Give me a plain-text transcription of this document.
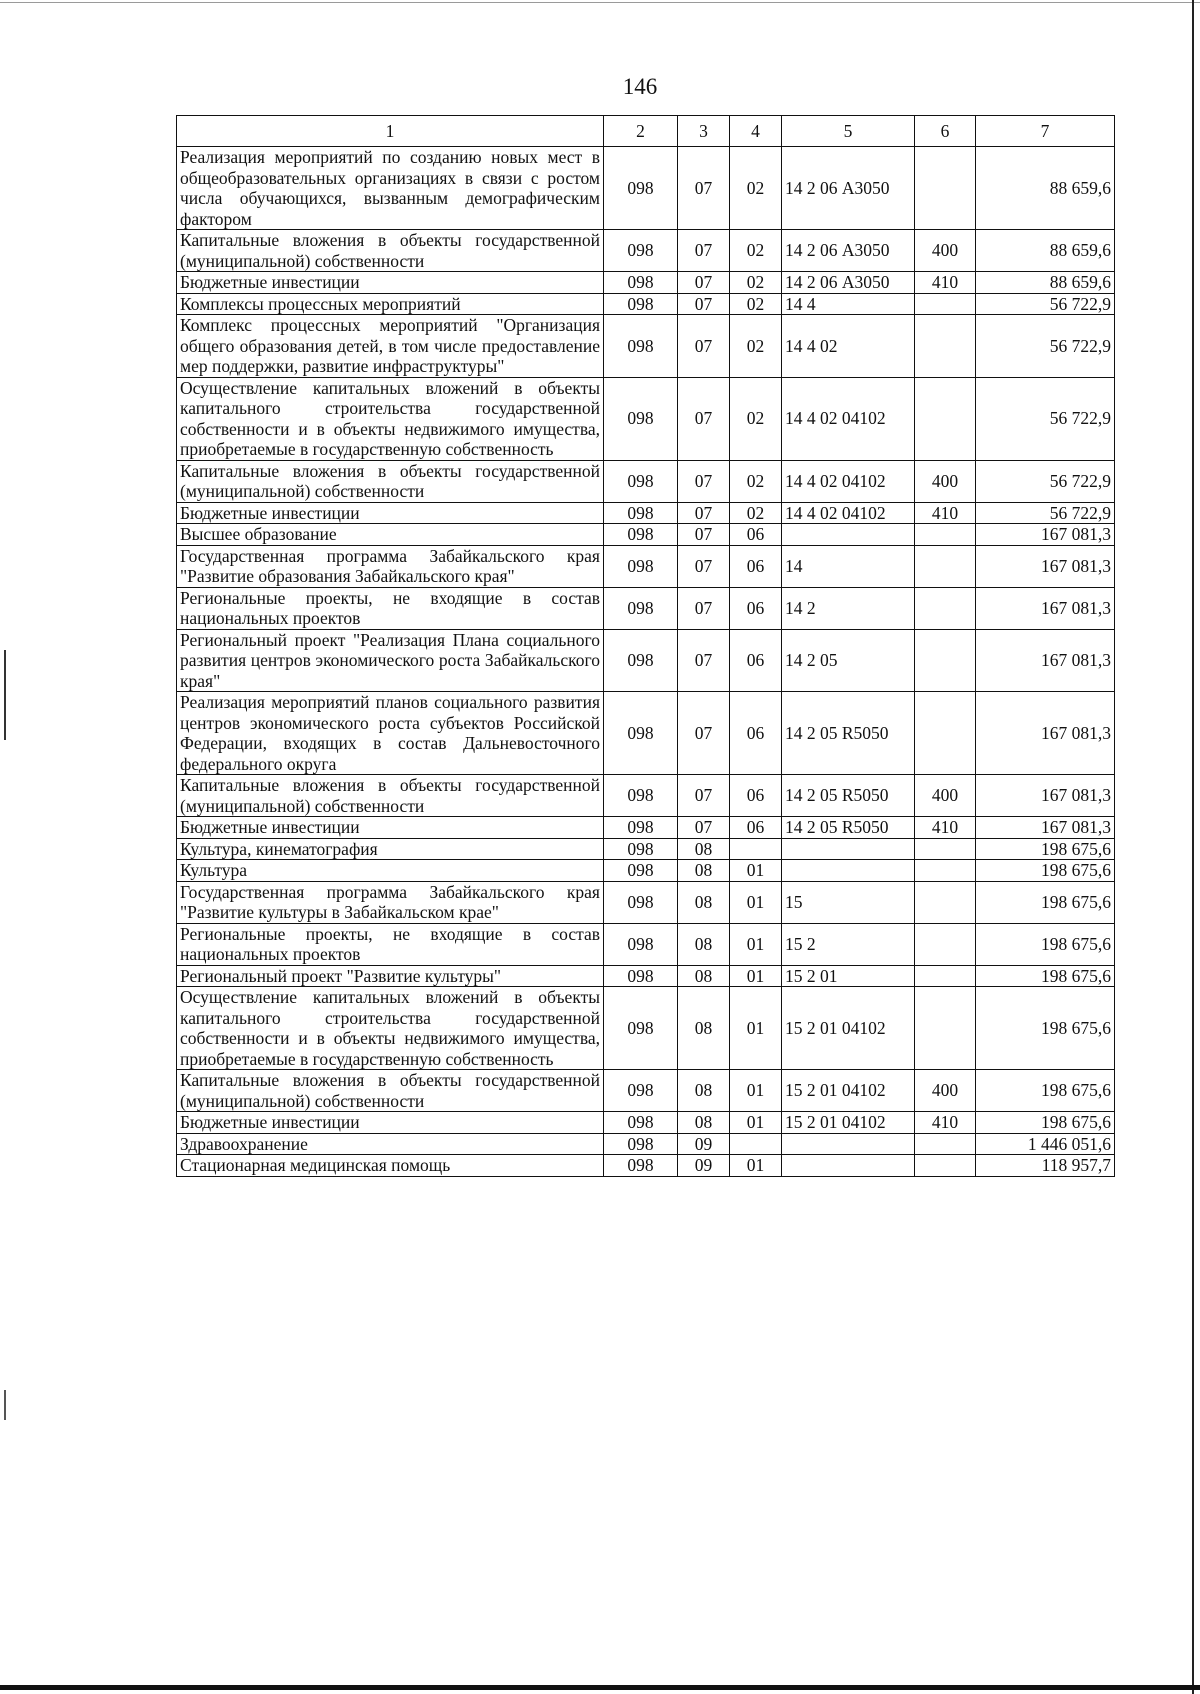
146
1	2	3	4	5	6	7
Реализация мероприятий по созданию новых мест в общеобразовательных организациях в связи с ростом числа обучающихся, вызванным демографическим фактором	098	07	02	14 2 06 А3050		88 659,6
Капитальные вложения в объекты государственной (муниципальной) собственности	098	07	02	14 2 06 А3050	400	88 659,6
Бюджетные инвестиции	098	07	02	14 2 06 А3050	410	88 659,6
Комплексы процессных мероприятий	098	07	02	14 4		56 722,9
Комплекс процессных мероприятий "Организация общего образования детей, в том числе предоставление мер поддержки, развитие инфраструктуры"	098	07	02	14 4 02		56 722,9
Осуществление капитальных вложений в объекты капитального строительства государственной собственности и в объекты недвижимого имущества, приобретаемые в государственную собственность	098	07	02	14 4 02 04102		56 722,9
Капитальные вложения в объекты государственной (муниципальной) собственности	098	07	02	14 4 02 04102	400	56 722,9
Бюджетные инвестиции	098	07	02	14 4 02 04102	410	56 722,9
Высшее образование	098	07	06			167 081,3
Государственная программа Забайкальского края "Развитие образования Забайкальского края"	098	07	06	14		167 081,3
Региональные проекты, не входящие в состав национальных проектов	098	07	06	14 2		167 081,3
Региональный проект "Реализация Плана социального развития центров экономического роста Забайкальского края"	098	07	06	14 2 05		167 081,3
Реализация мероприятий планов социального развития центров экономического роста субъектов Российской Федерации, входящих в состав Дальневосточного федерального округа	098	07	06	14 2 05 R5050		167 081,3
Капитальные вложения в объекты государственной (муниципальной) собственности	098	07	06	14 2 05 R5050	400	167 081,3
Бюджетные инвестиции	098	07	06	14 2 05 R5050	410	167 081,3
Культура, кинематография	098	08				198 675,6
Культура	098	08	01			198 675,6
Государственная программа Забайкальского края "Развитие культуры в Забайкальском крае"	098	08	01	15		198 675,6
Региональные проекты, не входящие в состав национальных проектов	098	08	01	15 2		198 675,6
Региональный проект "Развитие культуры"	098	08	01	15 2 01		198 675,6
Осуществление капитальных вложений в объекты капитального строительства государственной собственности и в объекты недвижимого имущества, приобретаемые в государственную собственность	098	08	01	15 2 01 04102		198 675,6
Капитальные вложения в объекты государственной (муниципальной) собственности	098	08	01	15 2 01 04102	400	198 675,6
Бюджетные инвестиции	098	08	01	15 2 01 04102	410	198 675,6
Здравоохранение	098	09				1 446 051,6
Стационарная медицинская помощь	098	09	01			118 957,7
